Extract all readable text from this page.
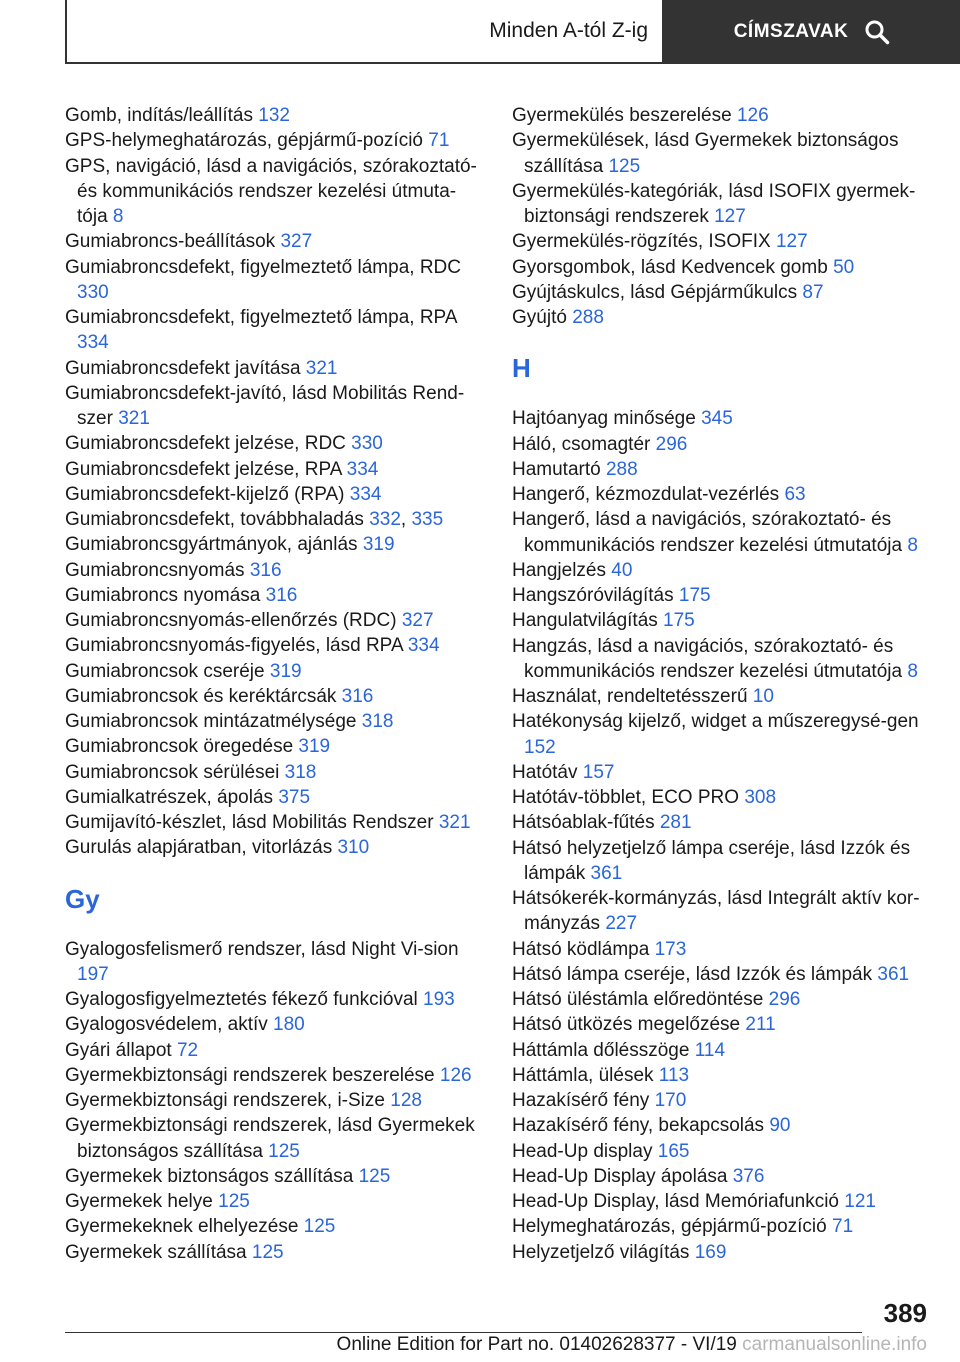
Minden A-tól Z-ig	CÍMSZAVAK
Gomb, indítás/leállítás 132
GPS-helymeghatározás, gépjármű-pozíció 71
GPS, navigáció, lásd a navigációs, szórakoztató- és kommunikációs rendszer kezelési útmuta-tója 8
Gumiabroncs-beállítások 327
Gumiabroncsdefekt, figyelmeztető lámpa, RDC 330
Gumiabroncsdefekt, figyelmeztető lámpa, RPA 334
Gumiabroncsdefekt javítása 321
Gumiabroncsdefekt-javító, lásd Mobilitás Rend-szer 321
Gumiabroncsdefekt jelzése, RDC 330
Gumiabroncsdefekt jelzése, RPA 334
Gumiabroncsdefekt-kijelző (RPA) 334
Gumiabroncsdefekt, továbbhaladás 332, 335
Gumiabroncsgyártmányok, ajánlás 319
Gumiabroncsnyomás 316
Gumiabroncs nyomása 316
Gumiabroncsnyomás-ellenőrzés (RDC) 327
Gumiabroncsnyomás-figyelés, lásd RPA 334
Gumiabroncsok cseréje 319
Gumiabroncsok és keréktárcsák 316
Gumiabroncsok mintázatmélysége 318
Gumiabroncsok öregedése 319
Gumiabroncsok sérülései 318
Gumialkatrészek, ápolás 375
Gumijavító-készlet, lásd Mobilitás Rendszer 321
Gurulás alapjáratban, vitorlázás 310
Gy
Gyalogosfelismerő rendszer, lásd Night Vi-sion 197
Gyalogosfigyelmeztetés fékező funkcióval 193
Gyalogosvédelem, aktív 180
Gyári állapot 72
Gyermekbiztonsági rendszerek beszerelése 126
Gyermekbiztonsági rendszerek, i-Size 128
Gyermekbiztonsági rendszerek, lásd Gyermekek biztonságos szállítása 125
Gyermekek biztonságos szállítása 125
Gyermekek helye 125
Gyermekeknek elhelyezése 125
Gyermekek szállítása 125
Gyermekülés beszerelése 126
Gyermekülések, lásd Gyermekek biztonságos szállítása 125
Gyermekülés-kategóriák, lásd ISOFIX gyermek-biztonsági rendszerek 127
Gyermekülés-rögzítés, ISOFIX 127
Gyorsgombok, lásd Kedvencek gomb 50
Gyújtáskulcs, lásd Gépjárműkulcs 87
Gyújtó 288
H
Hajtóanyag minősége 345
Háló, csomagtér 296
Hamutartó 288
Hangerő, kézmozdulat-vezérlés 63
Hangerő, lásd a navigációs, szórakoztató- és kommunikációs rendszer kezelési útmutatója 8
Hangjelzés 40
Hangszóróvilágítás 175
Hangulatvilágítás 175
Hangzás, lásd a navigációs, szórakoztató- és kommunikációs rendszer kezelési útmutatója 8
Használat, rendeltetésszerű 10
Hatékonyság kijelző, widget a műszeregysé-gen 152
Hatótáv 157
Hatótáv-többlet, ECO PRO 308
Hátsóablak-fűtés 281
Hátsó helyzetjelző lámpa cseréje, lásd Izzók és lámpák 361
Hátsókerék-kormányzás, lásd Integrált aktív kor-mányzás 227
Hátsó ködlámpa 173
Hátsó lámpa cseréje, lásd Izzók és lámpák 361
Hátsó üléstámla előredöntése 296
Hátsó ütközés megelőzése 211
Háttámla dőlésszöge 114
Háttámla, ülések 113
Hazakísérő fény 170
Hazakísérő fény, bekapcsolás 90
Head-Up display 165
Head-Up Display ápolása 376
Head-Up Display, lásd Memóriafunkció 121
Helymeghatározás, gépjármű-pozíció 71
Helyzetjelző világítás 169
389
Online Edition for Part no. 01402628377 - VI/19 carmanualsonline.info
